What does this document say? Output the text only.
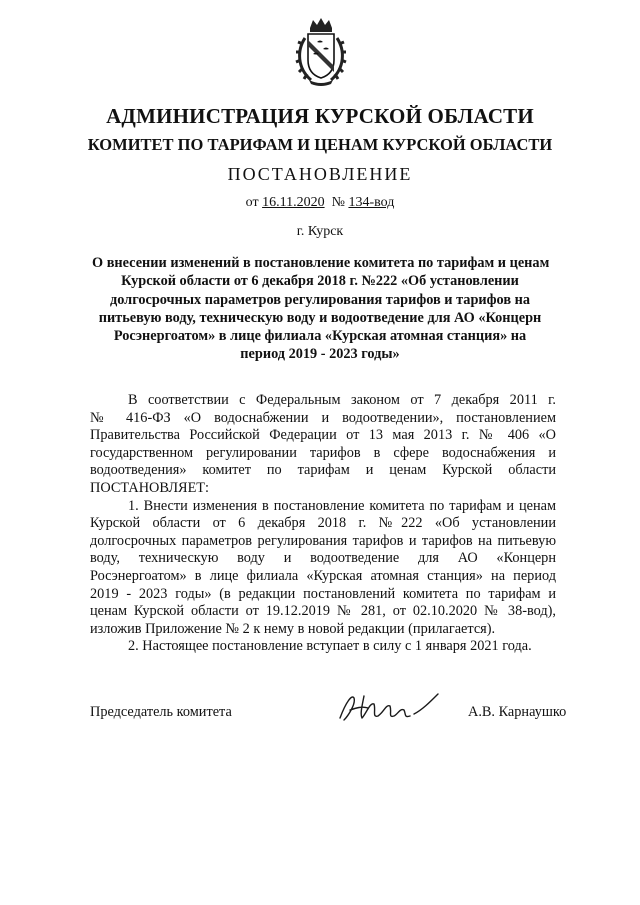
АДМИНИСТРАЦИЯ КУРСКОЙ ОБЛАСТИ
КОМИТЕТ ПО ТАРИФАМ И ЦЕНАМ КУРСКОЙ ОБЛАСТИ
ПОСТАНОВЛЕНИЕ
от 16.11.2020 № 134-вод
г. Курск
О внесении изменений в постановление комитета по тарифам и ценам
Курской области от 6 декабря 2018 г. №222 «Об установлении
долгосрочных параметров регулирования тарифов и тарифов на
питьевую воду, техническую воду и водоотведение для АО «Концерн
Росэнергоатом» в лице филиала «Курская атомная станция» на
период 2019 - 2023 годы»
В соответствии с Федеральным законом от 7 декабря 2011 г.
№ 416-ФЗ «О водоснабжении и водоотведении», постановлением
Правительства Российской Федерации от 13 мая 2013 г. № 406 «О
государственном регулировании тарифов в сфере водоснабжения и
водоотведения» комитет по тарифам и ценам Курской области
ПОСТАНОВЛЯЕТ:
1. Внести изменения в постановление комитета по тарифам и ценам
Курской области от 6 декабря 2018 г. №222 «Об установлении
долгосрочных параметров регулирования тарифов и тарифов на питьевую
воду, техническую воду и водоотведение для АО «Концерн
Росэнергоатом» в лице филиала «Курская атомная станция» на период
2019 - 2023 годы» (в редакции постановлений комитета по тарифам и
ценам Курской области от 19.12.2019 № 281, от 02.10.2020 № 38-вод),
изложив Приложение № 2 к нему в новой редакции (прилагается).
2. Настоящее постановление вступает в силу с 1 января 2021 года.
Председатель комитета	А.В. Карнаушко
